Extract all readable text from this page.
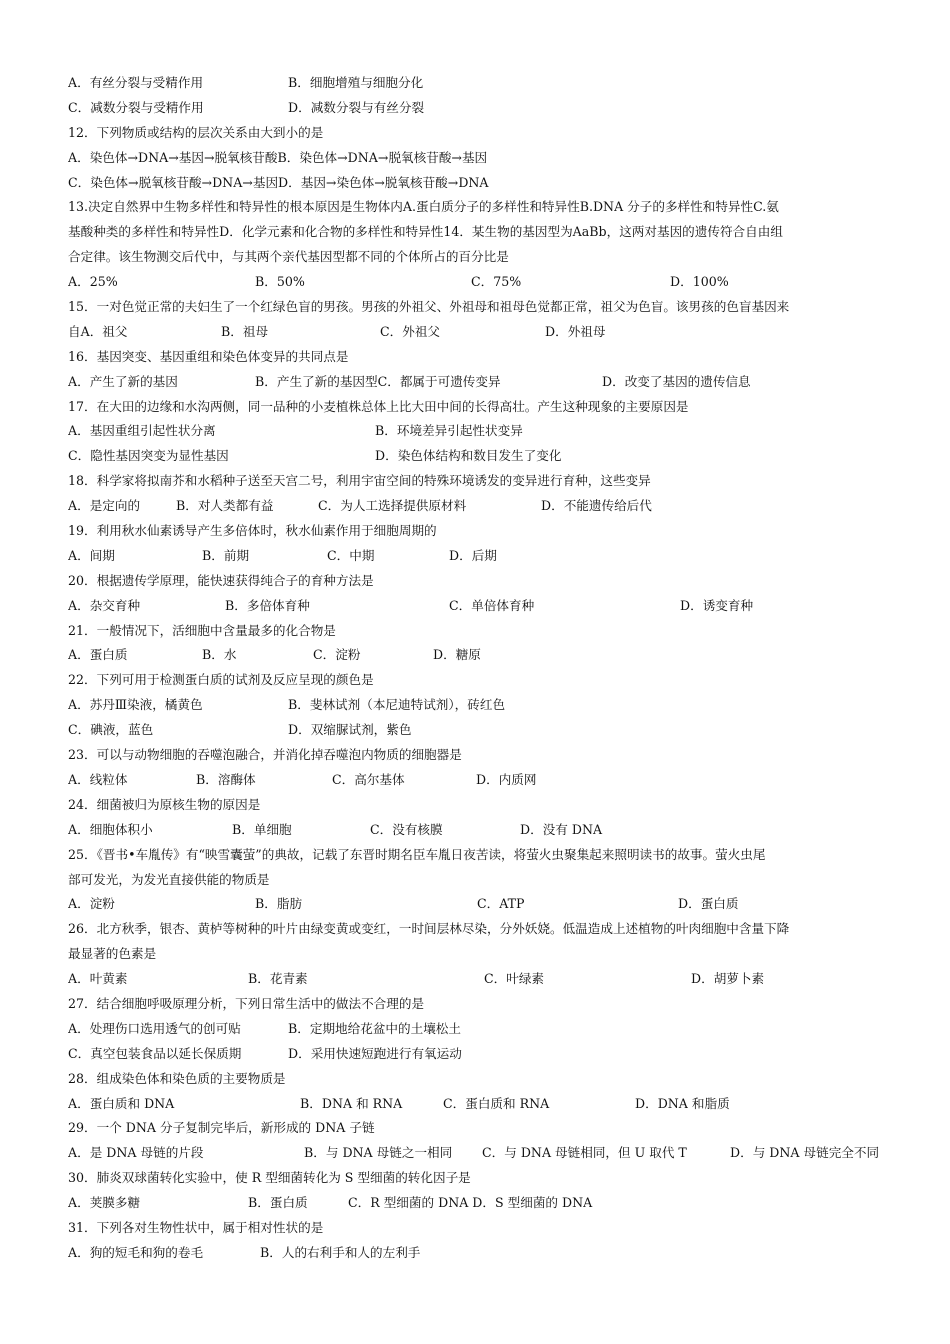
A．有丝分裂与受精作用	B．细胞增殖与细胞分化
C．减数分裂与受精作用	D．减数分裂与有丝分裂
12．下列物质或结构的层次关系由大到小的是
A．染色体→DNA→基因→脱氧核苷酸B．染色体→DNA→脱氧核苷酸→基因
C．染色体→脱氧核苷酸→DNA→基因D．基因→染色体→脱氧核苷酸→DNA
13.决定自然界中生物多样性和特异性的根本原因是生物体内A.蛋白质分子的多样性和特异性B.DNA 分子的多样性和特异性C.氨
基酸种类的多样性和特异性D．化学元素和化合物的多样性和特异性14．某生物的基因型为AaBb，这两对基因的遗传符合自由组
合定律。该生物测交后代中，与其两个亲代基因型都不同的个体所占的百分比是
A．25%	B．50%	C．75%	D．100%
15．一对色觉正常的夫妇生了一个红绿色盲的男孩。男孩的外祖父、外祖母和祖母色觉都正常，祖父为色盲。该男孩的色盲基因来
自A．祖父	B．祖母	C．外祖父	D．外祖母
16．基因突变、基因重组和染色体变异的共同点是
A．产生了新的基因	B．产生了新的基因型C．都属于可遗传变异	D．改变了基因的遗传信息
17．在大田的边缘和水沟两侧，同一品种的小麦植株总体上比大田中间的长得高壮。产生这种现象的主要原因是
A．基因重组引起性状分离	B．环境差异引起性状变异
C．隐性基因突变为显性基因	D．染色体结构和数目发生了变化
18．科学家将拟南芥和水稻种子送至天宫二号，利用宇宙空间的特殊环境诱发的变异进行育种，这些变异
A．是定向的	B．对人类都有益	C．为人工选择提供原材料	D．不能遗传给后代
19．利用秋水仙素诱导产生多倍体时，秋水仙素作用于细胞周期的
A．间期	B．前期	C．中期	D．后期
20．根据遗传学原理，能快速获得纯合子的育种方法是
A．杂交育种	B．多倍体育种	C．单倍体育种	D．诱变育种
21．一般情况下，活细胞中含量最多的化合物是
A．蛋白质	B．水	C．淀粉	D．糖原
22．下列可用于检测蛋白质的试剂及反应呈现的颜色是
A．苏丹Ⅲ染液，橘黄色	B．斐林试剂（本尼迪特试剂），砖红色
C．碘液，蓝色	D．双缩脲试剂，紫色
23．可以与动物细胞的吞噬泡融合，并消化掉吞噬泡内物质的细胞器是
A．线粒体	B．溶酶体	C．高尔基体	D．内质网
24．细菌被归为原核生物的原因是
A．细胞体积小	B．单细胞	C．没有核膜	D．没有 DNA
25．《晋书•车胤传》有“映雪囊萤”的典故，记载了东晋时期名臣车胤日夜苦读，将萤火虫聚集起来照明读书的故事。萤火虫尾
部可发光，为发光直接供能的物质是
A．淀粉	B．脂肪	C．ATP	D．蛋白质
26．北方秋季，银杏、黄栌等树种的叶片由绿变黄或变红，一时间层林尽染，分外妖娆。低温造成上述植物的叶肉细胞中含量下降
最显著的色素是
A．叶黄素	B．花青素	C．叶绿素	D．胡萝卜素
27．结合细胞呼吸原理分析，下列日常生活中的做法不合理的是
A．处理伤口选用透气的创可贴	B．定期地给花盆中的土壤松土
C．真空包装食品以延长保质期	D．采用快速短跑进行有氧运动
28．组成染色体和染色质的主要物质是
A．蛋白质和 DNA	B．DNA 和 RNA	C．蛋白质和 RNA	D．DNA 和脂质
29．一个 DNA 分子复制完毕后，新形成的 DNA 子链
A．是 DNA 母链的片段	B．与 DNA 母链之一相同 C．与 DNA 母链相同，但 U 取代 T	D．与 DNA 母链完全不同
30．肺炎双球菌转化实验中，使 R 型细菌转化为 S 型细菌的转化因子是
A．荚膜多糖	B．蛋白质	C．R 型细菌的 DNA D．S 型细菌的 DNA
31．下列各对生物性状中，属于相对性状的是
A．狗的短毛和狗的卷毛	B．人的右利手和人的左利手
